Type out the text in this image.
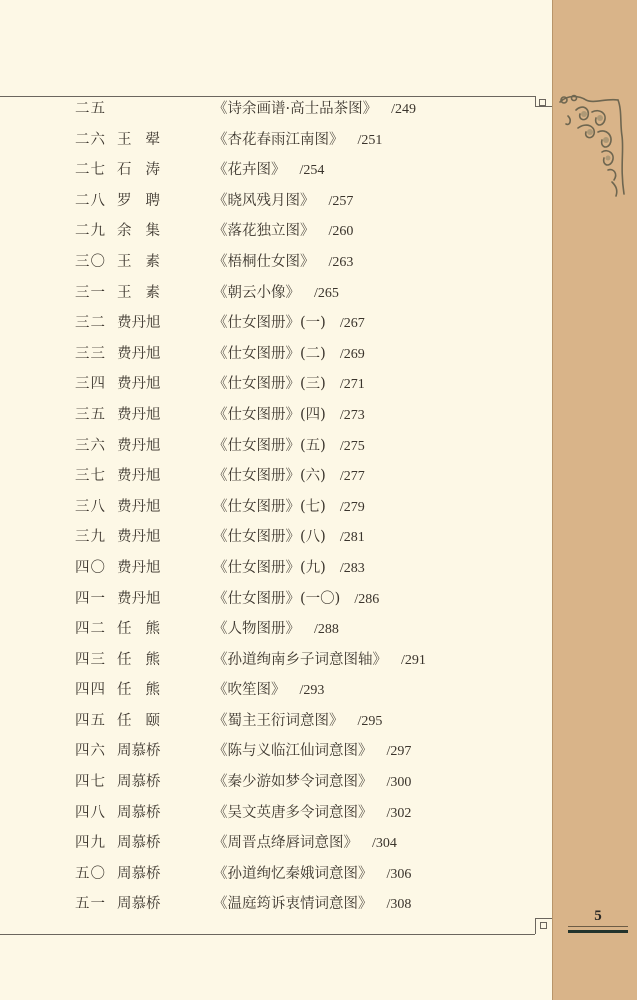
二五	《诗余画谱·高士品茶图》 /249
二六 王翚	《杏花春雨江南图》 /251
二七 石涛	《花卉图》 /254
二八 罗聘	《晓风残月图》 /257
二九 余集	《落花独立图》 /260
三〇 王素	《梧桐仕女图》 /263
三一 王素	《朝云小像》 /265
三二 费丹旭	《仕女图册》(一) /267
三三 费丹旭	《仕女图册》(二) /269
三四 费丹旭	《仕女图册》(三) /271
三五 费丹旭	《仕女图册》(四) /273
三六 费丹旭	《仕女图册》(五) /275
三七 费丹旭	《仕女图册》(六) /277
三八 费丹旭	《仕女图册》(七) /279
三九 费丹旭	《仕女图册》(八) /281
四〇 费丹旭	《仕女图册》(九) /283
四一 费丹旭	《仕女图册》(一〇) /286
四二 任熊	《人物图册》 /288
四三 任熊	《孙道绚南乡子词意图轴》 /291
四四 任熊	《吹笙图》 /293
四五 任颐	《蜀主王衍词意图》 /295
四六 周慕桥	《陈与义临江仙词意图》 /297
四七 周慕桥	《秦少游如梦令词意图》 /300
四八 周慕桥	《吴文英唐多令词意图》 /302
四九 周慕桥	《周晋点绛唇词意图》 /304
五〇 周慕桥	《孙道绚忆秦娥词意图》 /306
五一 周慕桥	《温庭筠诉衷情词意图》 /308
5
